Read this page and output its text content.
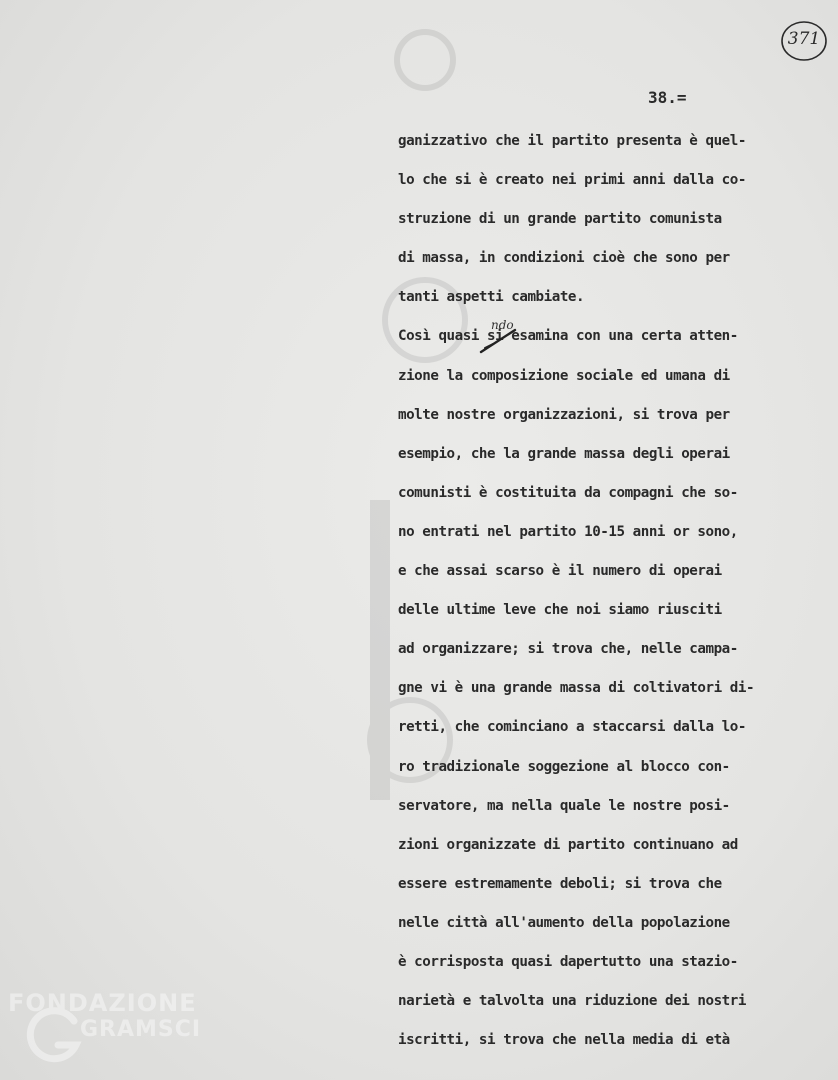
371
38.=
ganizzativo che il partito presenta è quel-
lo che si è creato nei primi anni dalla co-
struzione di un grande partito comunista
di massa, in condizioni cioè che sono per
tanti aspetti cambiate.
Così quasi si esamina con una certa atten-
zione la composizione sociale ed umana di
molte nostre organizzazioni, si trova per
esempio, che la grande massa degli operai
comunisti è costituita da compagni che so-
no entrati nel partito 10-15 anni or sono,
e che assai scarso è il numero di operai
delle ultime leve che noi siamo riusciti
ad organizzare; si trova che, nelle campa-
gne vi è una grande massa di coltivatori di-
retti, che cominciano a staccarsi dalla lo-
ro tradizionale soggezione al blocco con-
servatore, ma nella quale le nostre posi-
zioni organizzate di partito continuano ad
essere estremamente deboli; si trova che
nelle città all'aumento della popolazione
è corrisposta quasi dapertutto una stazio-
narietà e talvolta una riduzione dei nostri
iscritti, si trova che nella media di età
ndo
FONDAZIONE
GRAMSCI
